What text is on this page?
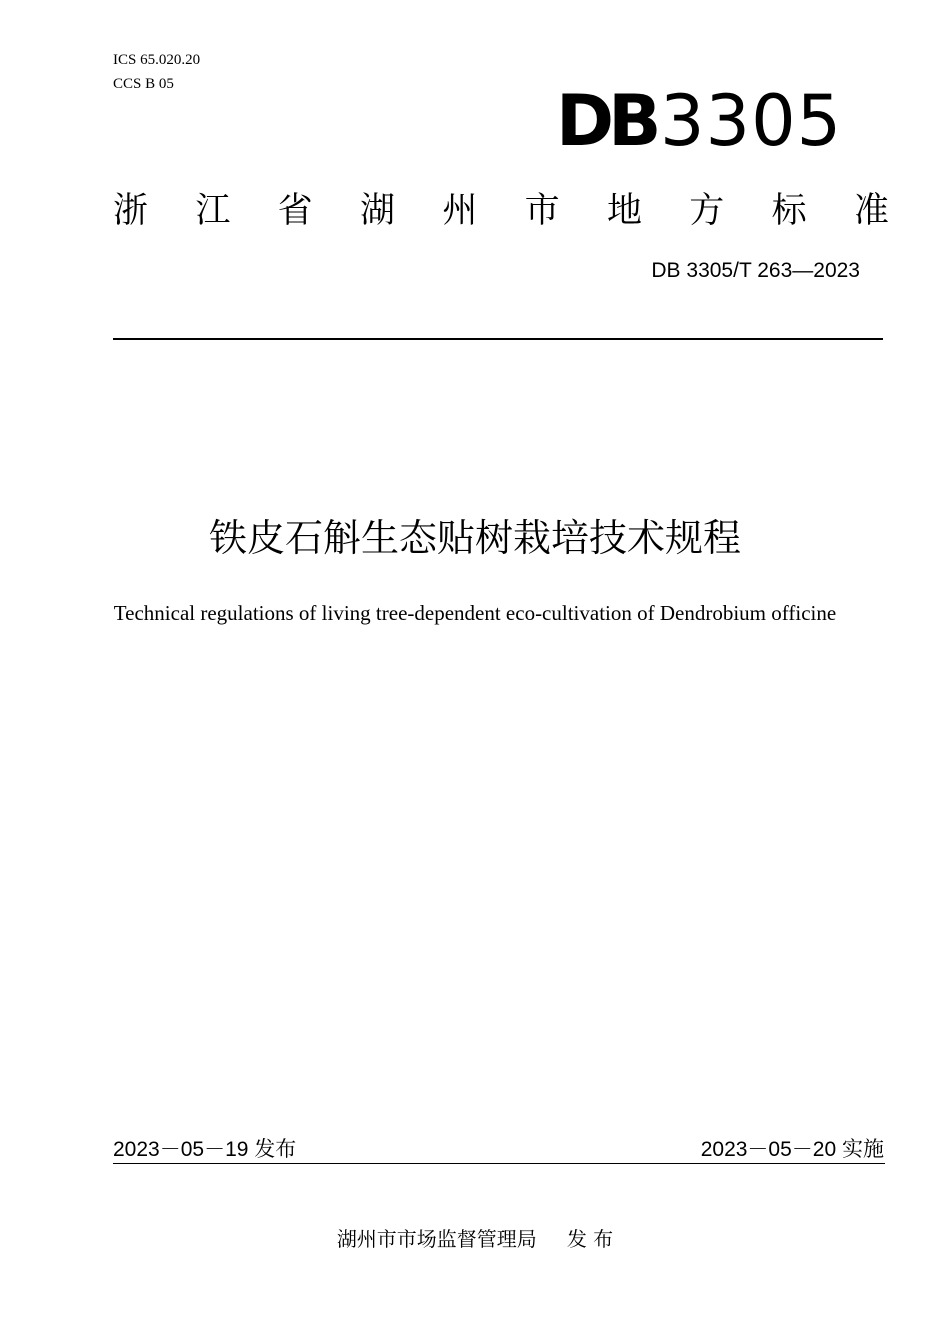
ICS 65.020.20
CCS B 05	DB 3305
浙 江 省 湖 州 市 地 方 标 准
DB 3305/T 263—2023
铁皮石斛生态贴树栽培技术规程
Technical regulations of living tree-dependent eco-cultivation of Dendrobium officine
2023－05－19 发布	2023－05－20 实施
湖州市市场监督管理局 发 布
